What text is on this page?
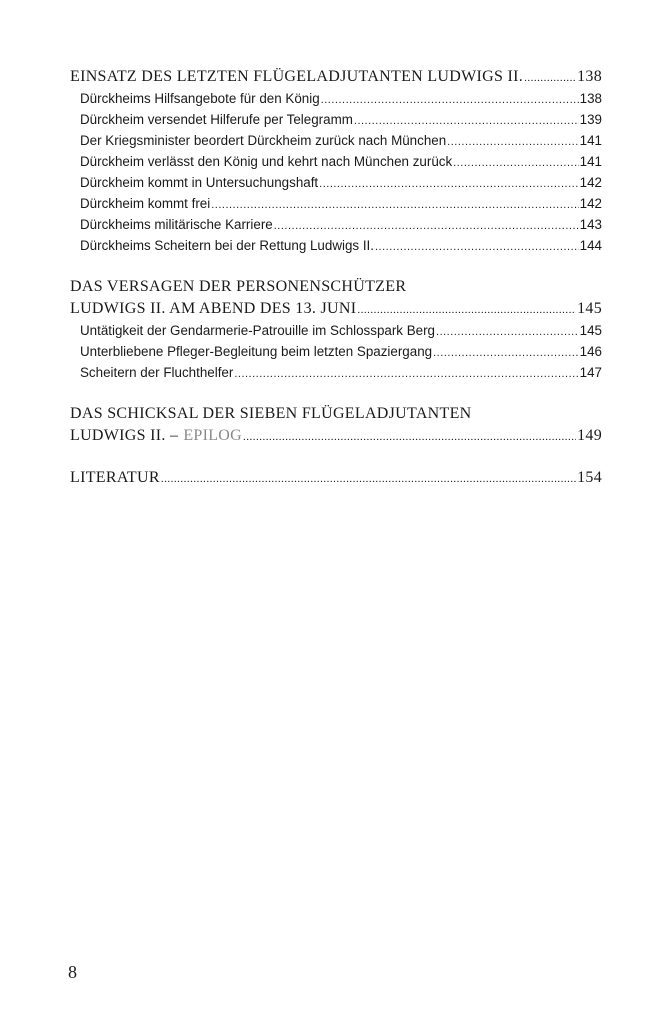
EINSATZ DES LETZTEN FLÜGELADJUTANTEN LUDWIGS II. .....	138
Dürckheims Hilfsangebote für den König .....	138
Dürckheim versendet Hilferufe per Telegramm .....	139
Der Kriegsminister beordert Dürckheim zurück nach München .....	141
Dürckheim verlässt den König und kehrt nach München zurück .....	141
Dürckheim kommt in Untersuchungshaft .....	142
Dürckheim kommt frei .....	142
Dürckheims militärische Karriere .....	143
Dürckheims Scheitern bei der Rettung Ludwigs II. .....	144
DAS VERSAGEN DER PERSONENSCHÜTZER
LUDWIGS II. AM ABEND DES 13. JUNI .....	145
Untätigkeit der Gendarmerie-Patrouille im Schlosspark Berg .....	145
Unterbliebene Pfleger-Begleitung beim letzten Spaziergang .....	146
Scheitern der Fluchthelfer .....	147
DAS SCHICKSAL DER SIEBEN FLÜGELADJUTANTEN
LUDWIGS II. – EPILOG .....	149
LITERATUR .....	154
8
